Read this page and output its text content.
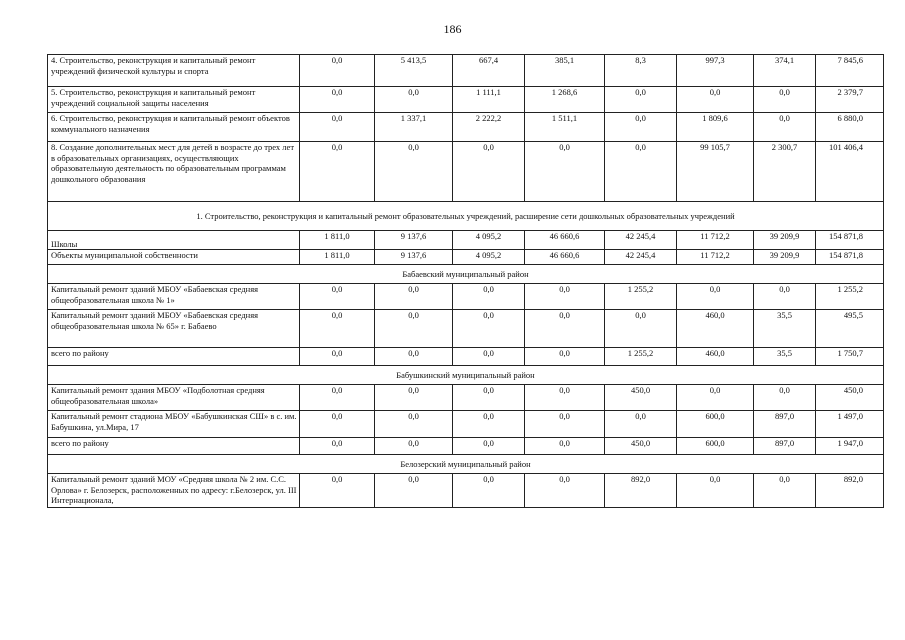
186
4. Строительство, реконструкция и капитальный ремонт учреждений физической культуры и спорта	0,0	5 413,5	667,4	385,1	8,3	997,3	374,1	7 845,6
5. Строительство, реконструкция и капитальный ремонт учреждений социальной защиты населения	0,0	0,0	1 111,1	1 268,6	0,0	0,0	0,0	2 379,7
6. Строительство, реконструкция и капитальный ремонт объектов коммунального назначения	0,0	1 337,1	2 222,2	1 511,1	0,0	1 809,6	0,0	6 880,0
8. Создание дополнительных мест для детей в возрасте до трех лет в образовательных организациях, осуществляющих образовательную деятельность по образовательным программам дошкольного образования	0,0	0,0	0,0	0,0	0,0	99 105,7	2 300,7	101 406,4
1. Строительство, реконструкция и капитальный ремонт образовательных учреждений, расширение сети дошкольных образовательных учреждений								
Школы	1 811,0	9 137,6	4 095,2	46 660,6	42 245,4	11 712,2	39 209,9	154 871,8
Объекты муниципальной собственности	1 811,0	9 137,6	4 095,2	46 660,6	42 245,4	11 712,2	39 209,9	154 871,8
Бабаевский муниципальный район								
Капитальный ремонт зданий МБОУ «Бабаевская средняя общеобразовательная школа № 1»	0,0	0,0	0,0	0,0	1 255,2	0,0	0,0	1 255,2
Капитальный ремонт зданий МБОУ «Бабаевская средняя общеобразовательная школа № 65» г. Бабаево	0,0	0,0	0,0	0,0	0,0	460,0	35,5	495,5
всего по району	0,0	0,0	0,0	0,0	1 255,2	460,0	35,5	1 750,7
Бабушкинский муниципальный район								
Капитальный ремонт здания МБОУ «Подболотная средняя общеобразовательная школа»	0,0	0,0	0,0	0,0	450,0	0,0	0,0	450,0
Капитальный ремонт стадиона МБОУ «Бабушкинская СШ» в с. им. Бабушкина, ул.Мира, 17	0,0	0,0	0,0	0,0	0,0	600,0	897,0	1 497,0
всего по району	0,0	0,0	0,0	0,0	450,0	600,0	897,0	1 947,0
Белозерский муниципальный район								
Капитальный ремонт зданий МОУ «Средняя школа № 2 им. С.С. Орлова» г. Белозерск, расположенных по адресу: г.Белозерск, ул. III Интернационала,	0,0	0,0	0,0	0,0	892,0	0,0	0,0	892,0
